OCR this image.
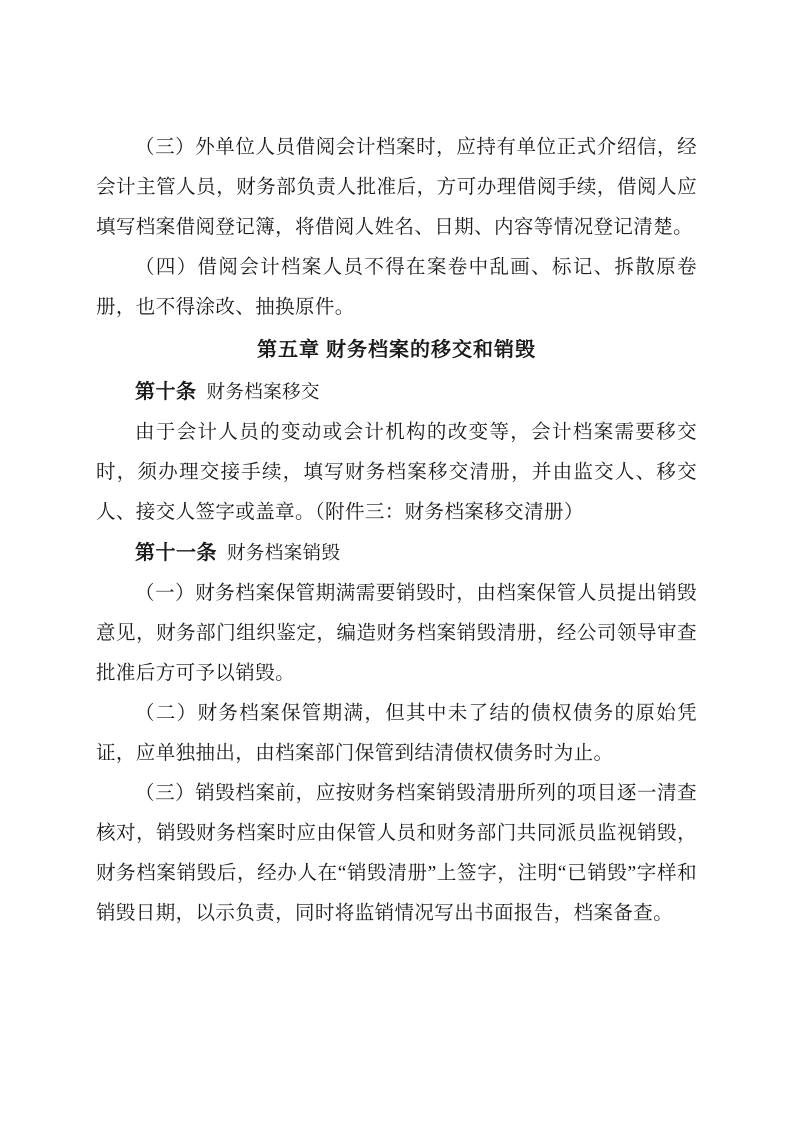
（三）外单位人员借阅会计档案时，应持有单位正式介绍信，经会计主管人员，财务部负责人批准后，方可办理借阅手续，借阅人应填写档案借阅登记簿，将借阅人姓名、日期、内容等情况登记清楚。

（四）借阅会计档案人员不得在案卷中乱画、标记、拆散原卷册，也不得涂改、抽换原件。

第五章 财务档案的移交和销毁

第十条 财务档案移交

由于会计人员的变动或会计机构的改变等，会计档案需要移交时，须办理交接手续，填写财务档案移交清册，并由监交人、移交人、接交人签字或盖章。（附件三：财务档案移交清册）

第十一条 财务档案销毁

（一）财务档案保管期满需要销毁时，由档案保管人员提出销毁意见，财务部门组织鉴定，编造财务档案销毁清册，经公司领导审查批准后方可予以销毁。

（二）财务档案保管期满，但其中未了结的债权债务的原始凭证，应单独抽出，由档案部门保管到结清债权债务时为止。

（三）销毁档案前，应按财务档案销毁清册所列的项目逐一清查核对，销毁财务档案时应由保管人员和财务部门共同派员监视销毁，财务档案销毁后，经办人在“销毁清册”上签字，注明“已销毁”字样和销毁日期，以示负责，同时将监销情况写出书面报告，档案备查。
